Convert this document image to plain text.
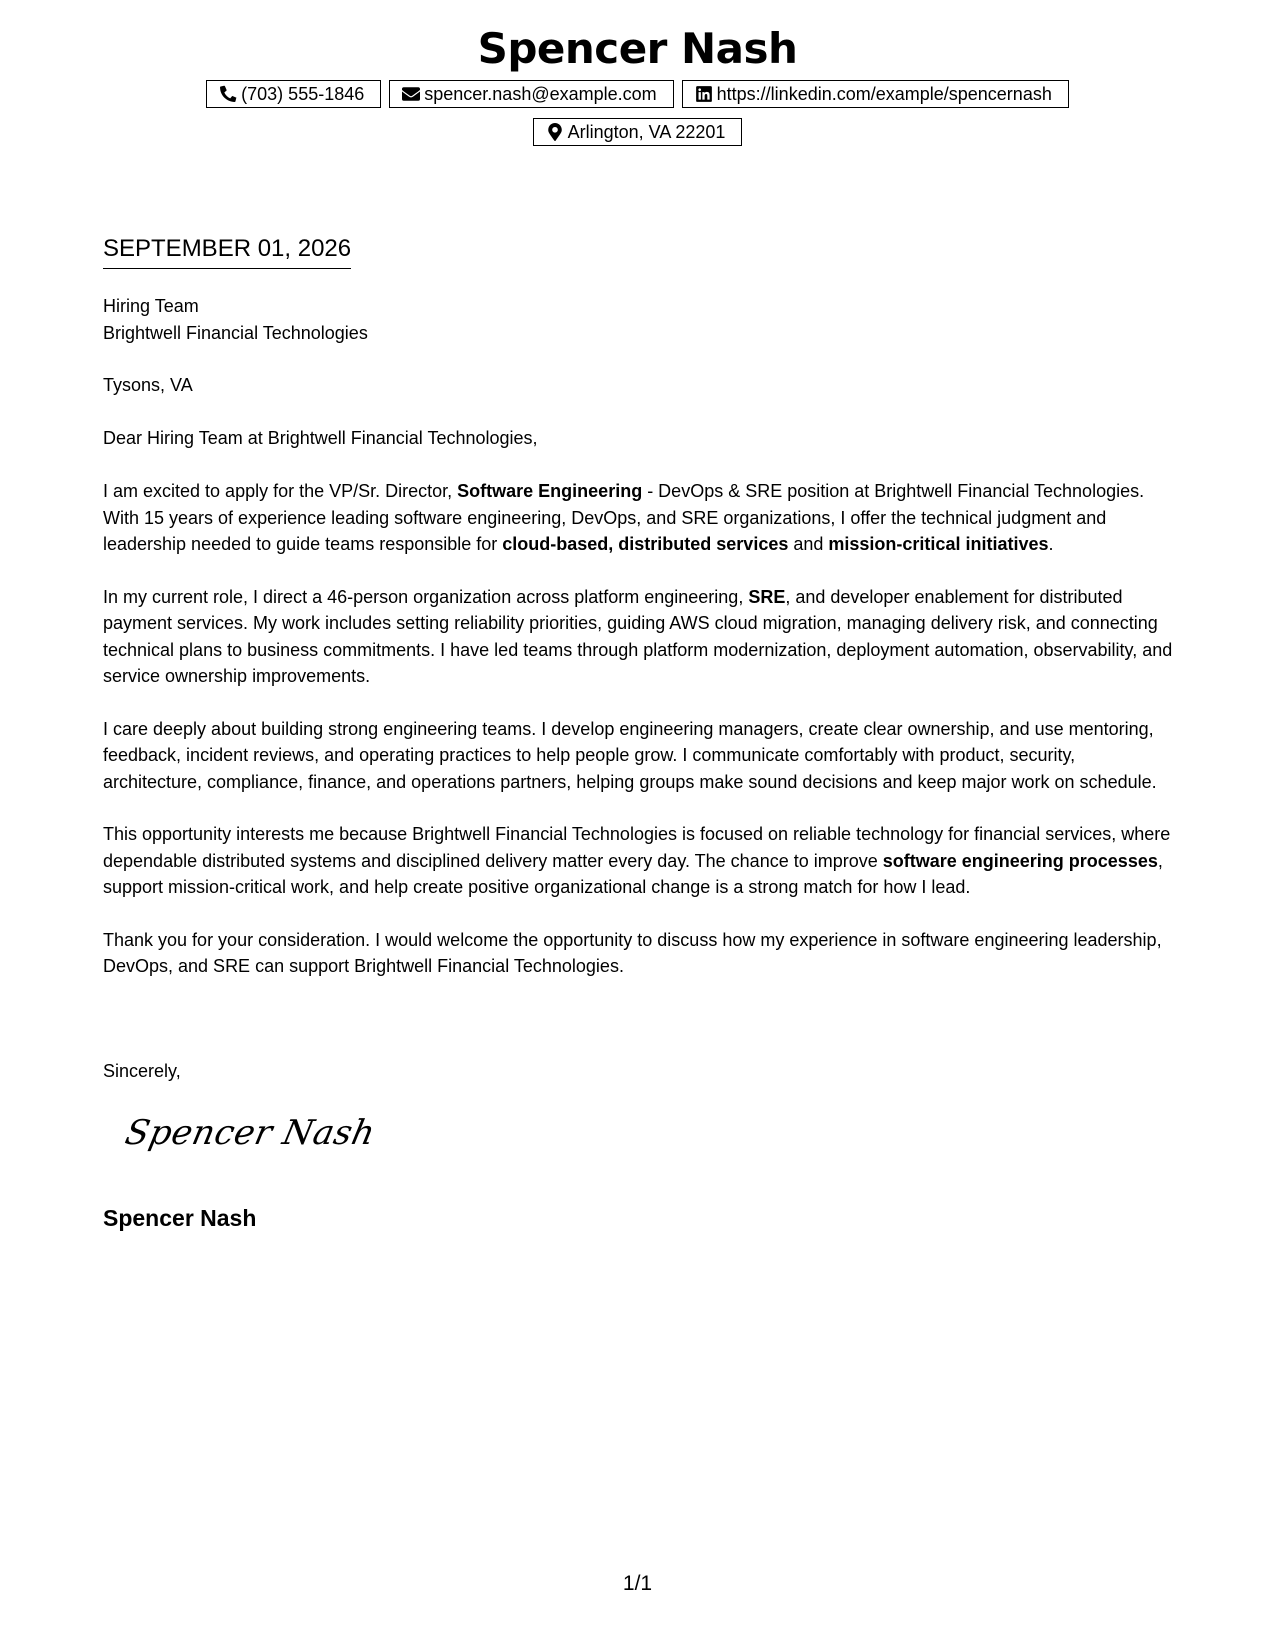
Spencer Nash
(703) 555-1846	spencer.nash@example.com	https://linkedin.com/example/spencernash
Arlington, VA 22201
SEPTEMBER 01, 2026
Hiring Team
Brightwell Financial Technologies
Tysons, VA
Dear Hiring Team at Brightwell Financial Technologies,

I am excited to apply for the VP/Sr. Director, Software Engineering - DevOps & SRE position at Brightwell Financial Technologies. With 15 years of experience leading software engineering, DevOps, and SRE organizations, I offer the technical judgment and leadership needed to guide teams responsible for cloud-based, distributed services and mission-critical initiatives.

In my current role, I direct a 46-person organization across platform engineering, SRE, and developer enablement for distributed payment services. My work includes setting reliability priorities, guiding AWS cloud migration, managing delivery risk, and connecting technical plans to business commitments. I have led teams through platform modernization, deployment automation, observability, and service ownership improvements.

I care deeply about building strong engineering teams. I develop engineering managers, create clear ownership, and use mentoring, feedback, incident reviews, and operating practices to help people grow. I communicate comfortably with product, security, architecture, compliance, finance, and operations partners, helping groups make sound decisions and keep major work on schedule.

This opportunity interests me because Brightwell Financial Technologies is focused on reliable technology for financial services, where dependable distributed systems and disciplined delivery matter every day. The chance to improve software engineering processes, support mission-critical work, and help create positive organizational change is a strong match for how I lead.

Thank you for your consideration. I would welcome the opportunity to discuss how my experience in software engineering leadership, DevOps, and SRE can support Brightwell Financial Technologies.

Sincerely,
Spencer Nash
Spencer Nash
1/1
